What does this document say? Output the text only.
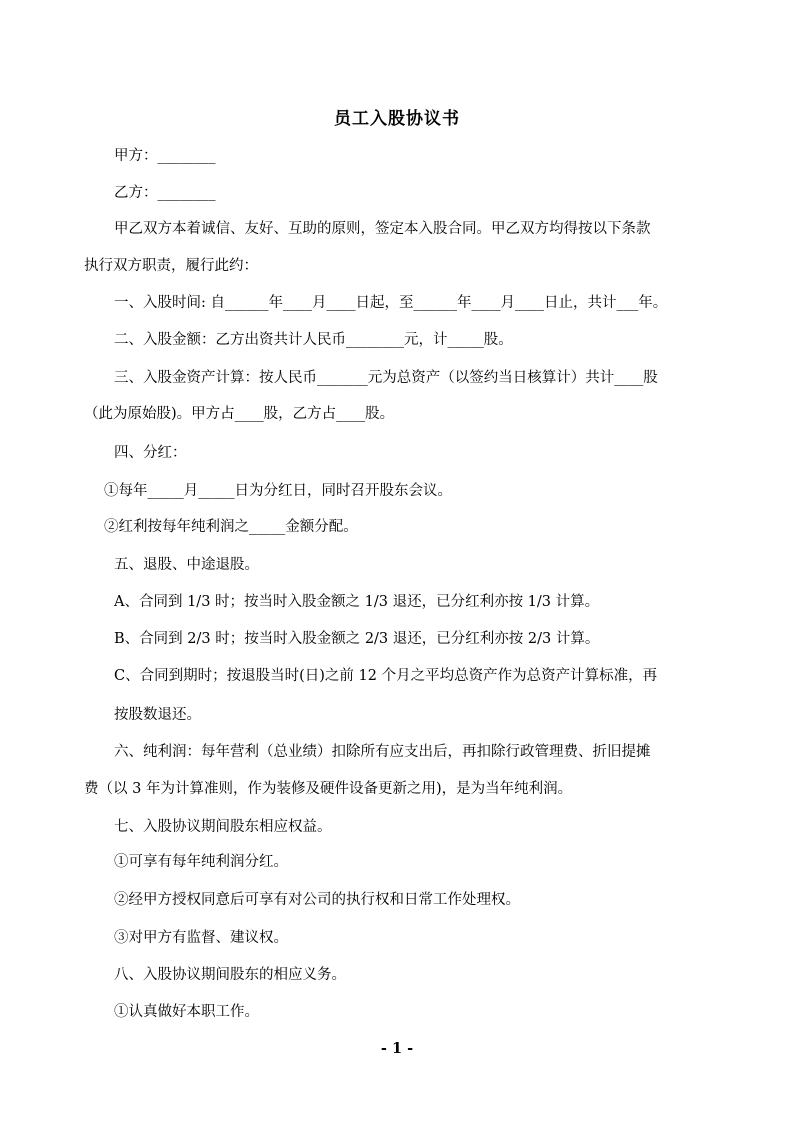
员工入股协议书
甲方：________
乙方：________
甲乙双方本着诚信、友好、互助的原则，签定本入股合同。甲乙双方均得按以下条款
执行双方职责，履行此约：
一、入股时间: 自______年____月____日起，至______年____月____日止，共计___年。
二、入股金额：乙方出资共计人民币________元，计_____股。
三、入股金资产计算：按人民币_______元为总资产（以签约当日核算计）共计____股
（此为原始股)。甲方占____股，乙方占____股。
四、分红：
①每年_____月_____日为分红日，同时召开股东会议。
②红利按每年纯利润之_____金额分配。
五、退股、中途退股。
A、合同到 1/3 时；按当时入股金额之 1/3 退还，已分红利亦按 1/3 计算。
B、合同到 2/3 时；按当时入股金额之 2/3 退还，已分红利亦按 2/3 计算。
C、合同到期时；按退股当时(日)之前 12 个月之平均总资产作为总资产计算标准，再
按股数退还。
六、纯利润：每年营利（总业绩）扣除所有应支出后，再扣除行政管理费、折旧提摊
费（以 3 年为计算准则，作为装修及硬件设备更新之用)，是为当年纯利润。
七、入股协议期间股东相应权益。
①可享有每年纯利润分红。
②经甲方授权同意后可享有对公司的执行权和日常工作处理权。
③对甲方有监督、建议权。
八、入股协议期间股东的相应义务。
①认真做好本职工作。
- 1 -
